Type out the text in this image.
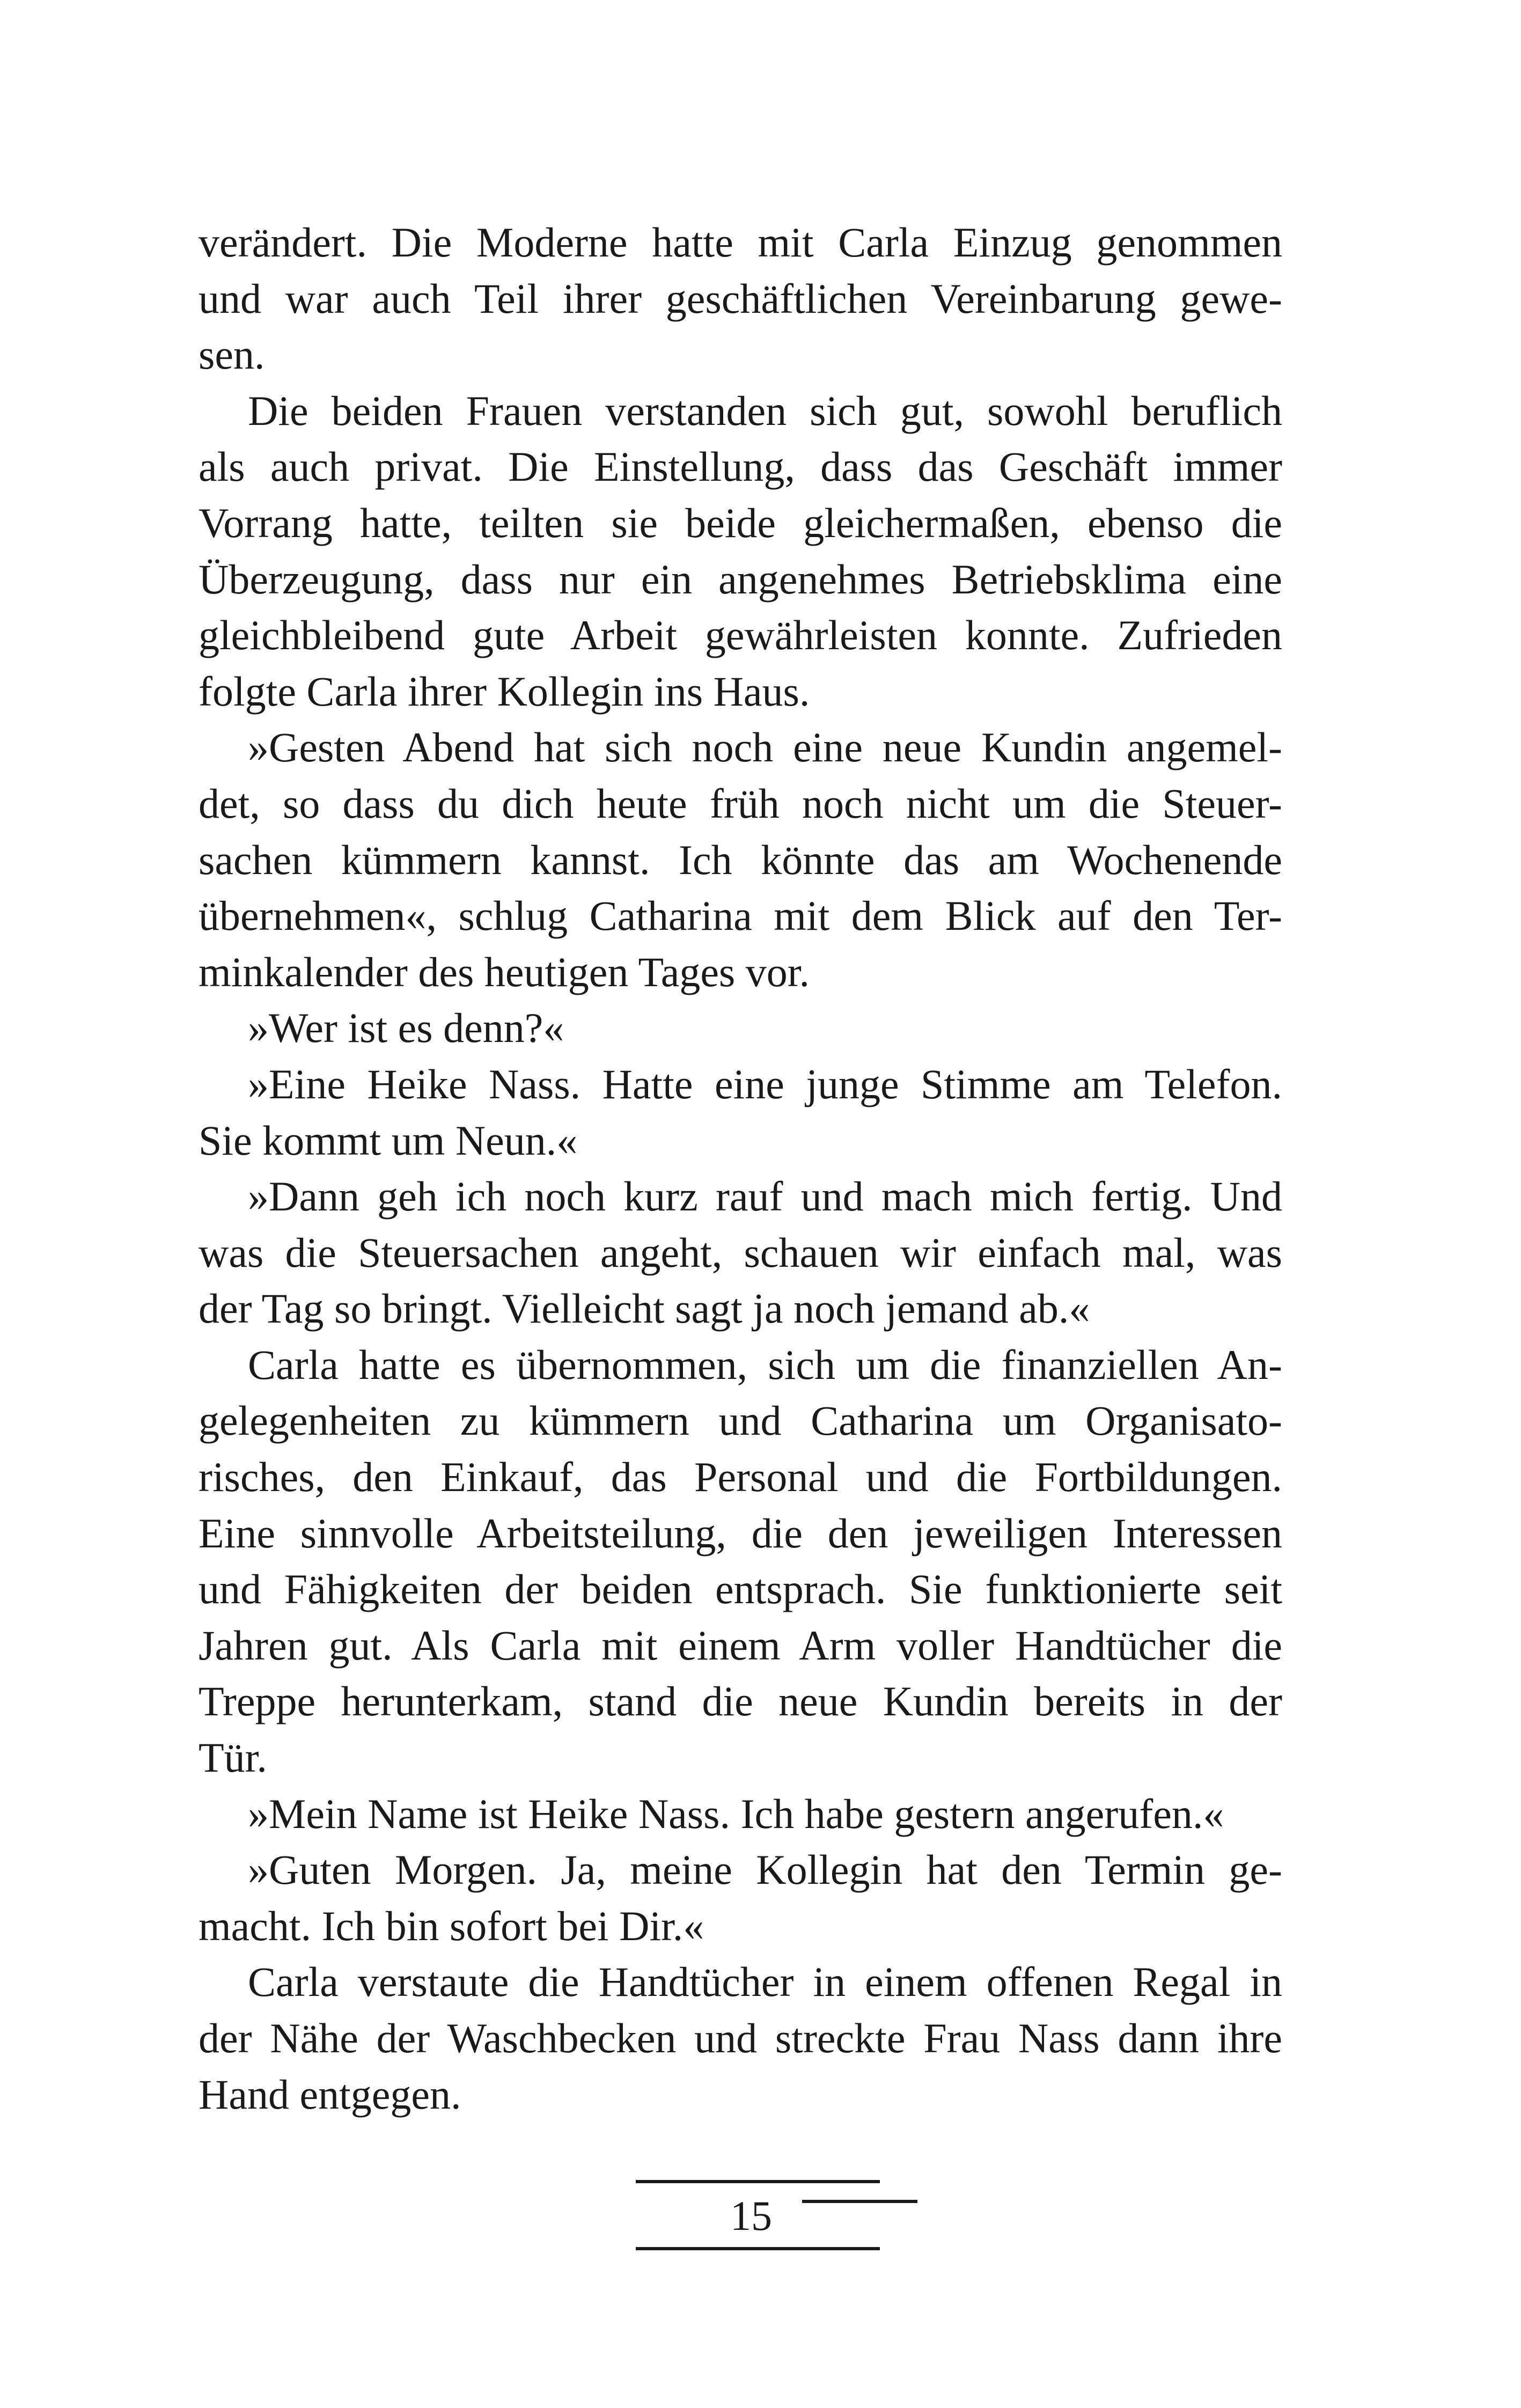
verändert. Die Moderne hatte mit Carla Einzug genommen
und war auch Teil ihrer geschäftlichen Vereinbarung gewe-
sen.
Die beiden Frauen verstanden sich gut, sowohl beruflich
als auch privat. Die Einstellung, dass das Geschäft immer
Vorrang hatte, teilten sie beide gleichermaßen, ebenso die
Überzeugung, dass nur ein angenehmes Betriebsklima eine
gleichbleibend gute Arbeit gewährleisten konnte. Zufrieden
folgte Carla ihrer Kollegin ins Haus.
»Gesten Abend hat sich noch eine neue Kundin angemel-
det, so dass du dich heute früh noch nicht um die Steuer-
sachen kümmern kannst. Ich könnte das am Wochenende
übernehmen«, schlug Catharina mit dem Blick auf den Ter-
minkalender des heutigen Tages vor.
»Wer ist es denn?«
»Eine Heike Nass. Hatte eine junge Stimme am Telefon.
Sie kommt um Neun.«
»Dann geh ich noch kurz rauf und mach mich fertig. Und
was die Steuersachen angeht, schauen wir einfach mal, was
der Tag so bringt. Vielleicht sagt ja noch jemand ab.«
Carla hatte es übernommen, sich um die finanziellen An-
gelegenheiten zu kümmern und Catharina um Organisato-
risches, den Einkauf, das Personal und die Fortbildungen.
Eine sinnvolle Arbeitsteilung, die den jeweiligen Interessen
und Fähigkeiten der beiden entsprach. Sie funktionierte seit
Jahren gut. Als Carla mit einem Arm voller Handtücher die
Treppe herunterkam, stand die neue Kundin bereits in der
Tür.
»Mein Name ist Heike Nass. Ich habe gestern angerufen.«
»Guten Morgen. Ja, meine Kollegin hat den Termin ge-
macht. Ich bin sofort bei Dir.«
Carla verstaute die Handtücher in einem offenen Regal in
der Nähe der Waschbecken und streckte Frau Nass dann ihre
Hand entgegen.
15
